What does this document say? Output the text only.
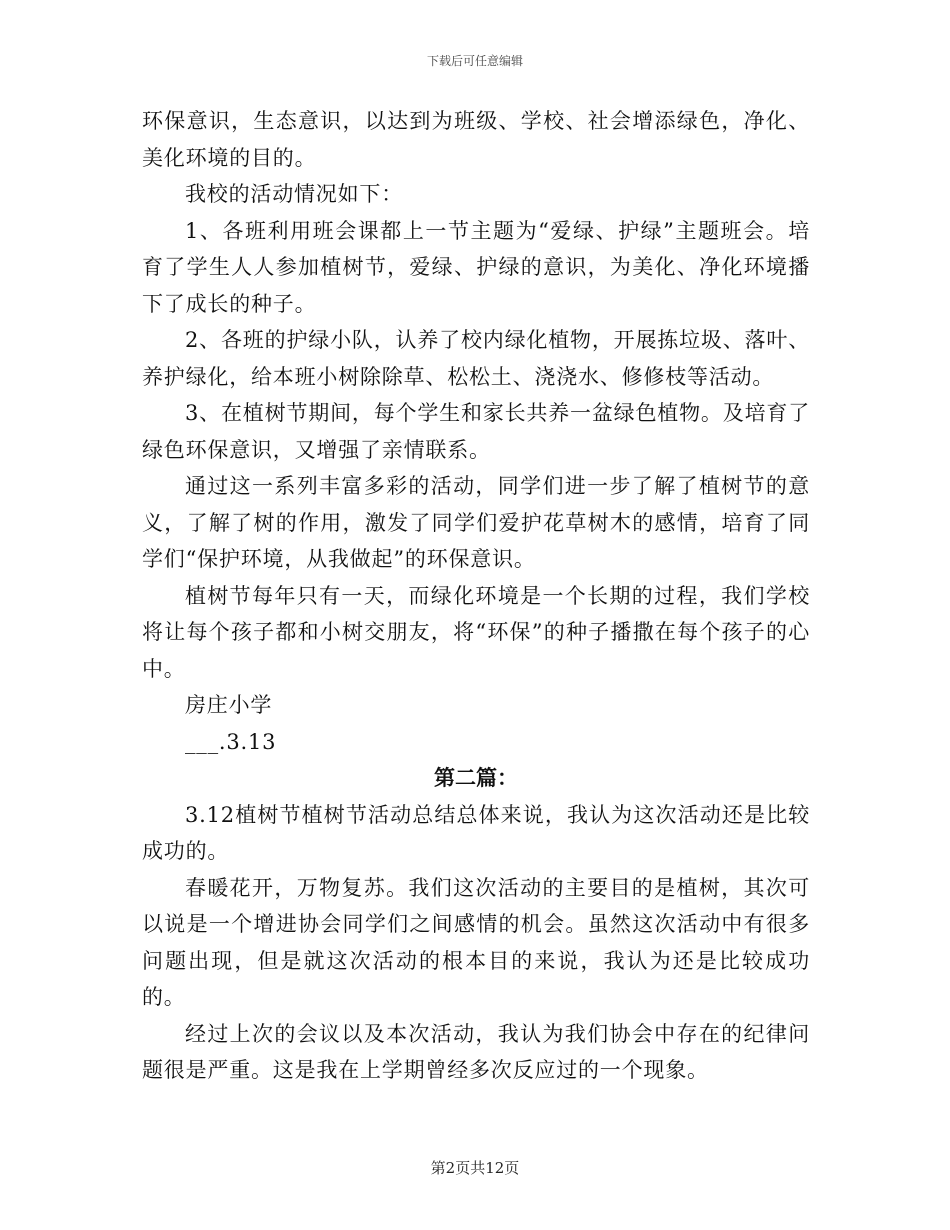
下载后可任意编辑

环保意识，生态意识，以达到为班级、学校、社会增添绿色，净化、美化环境的目的。

我校的活动情况如下：

1、各班利用班会课都上一节主题为“爱绿、护绿”主题班会。培育了学生人人参加植树节，爱绿、护绿的意识，为美化、净化环境播下了成长的种子。

2、各班的护绿小队，认养了校内绿化植物，开展拣垃圾、落叶、养护绿化，给本班小树除除草、松松土、浇浇水、修修枝等活动。

3、在植树节期间，每个学生和家长共养一盆绿色植物。及培育了绿色环保意识，又增强了亲情联系。

通过这一系列丰富多彩的活动，同学们进一步了解了植树节的意义，了解了树的作用，激发了同学们爱护花草树木的感情，培育了同学们“保护环境，从我做起”的环保意识。

植树节每年只有一天，而绿化环境是一个长期的过程，我们学校将让每个孩子都和小树交朋友，将“环保”的种子播撒在每个孩子的心中。

房庄小学

___.3.13

第二篇：

3.12植树节植树节活动总结总体来说，我认为这次活动还是比较成功的。

春暖花开，万物复苏。我们这次活动的主要目的是植树，其次可以说是一个增进协会同学们之间感情的机会。虽然这次活动中有很多问题出现，但是就这次活动的根本目的来说，我认为还是比较成功的。

经过上次的会议以及本次活动，我认为我们协会中存在的纪律问题很是严重。这是我在上学期曾经多次反应过的一个现象。

第2页共12页
